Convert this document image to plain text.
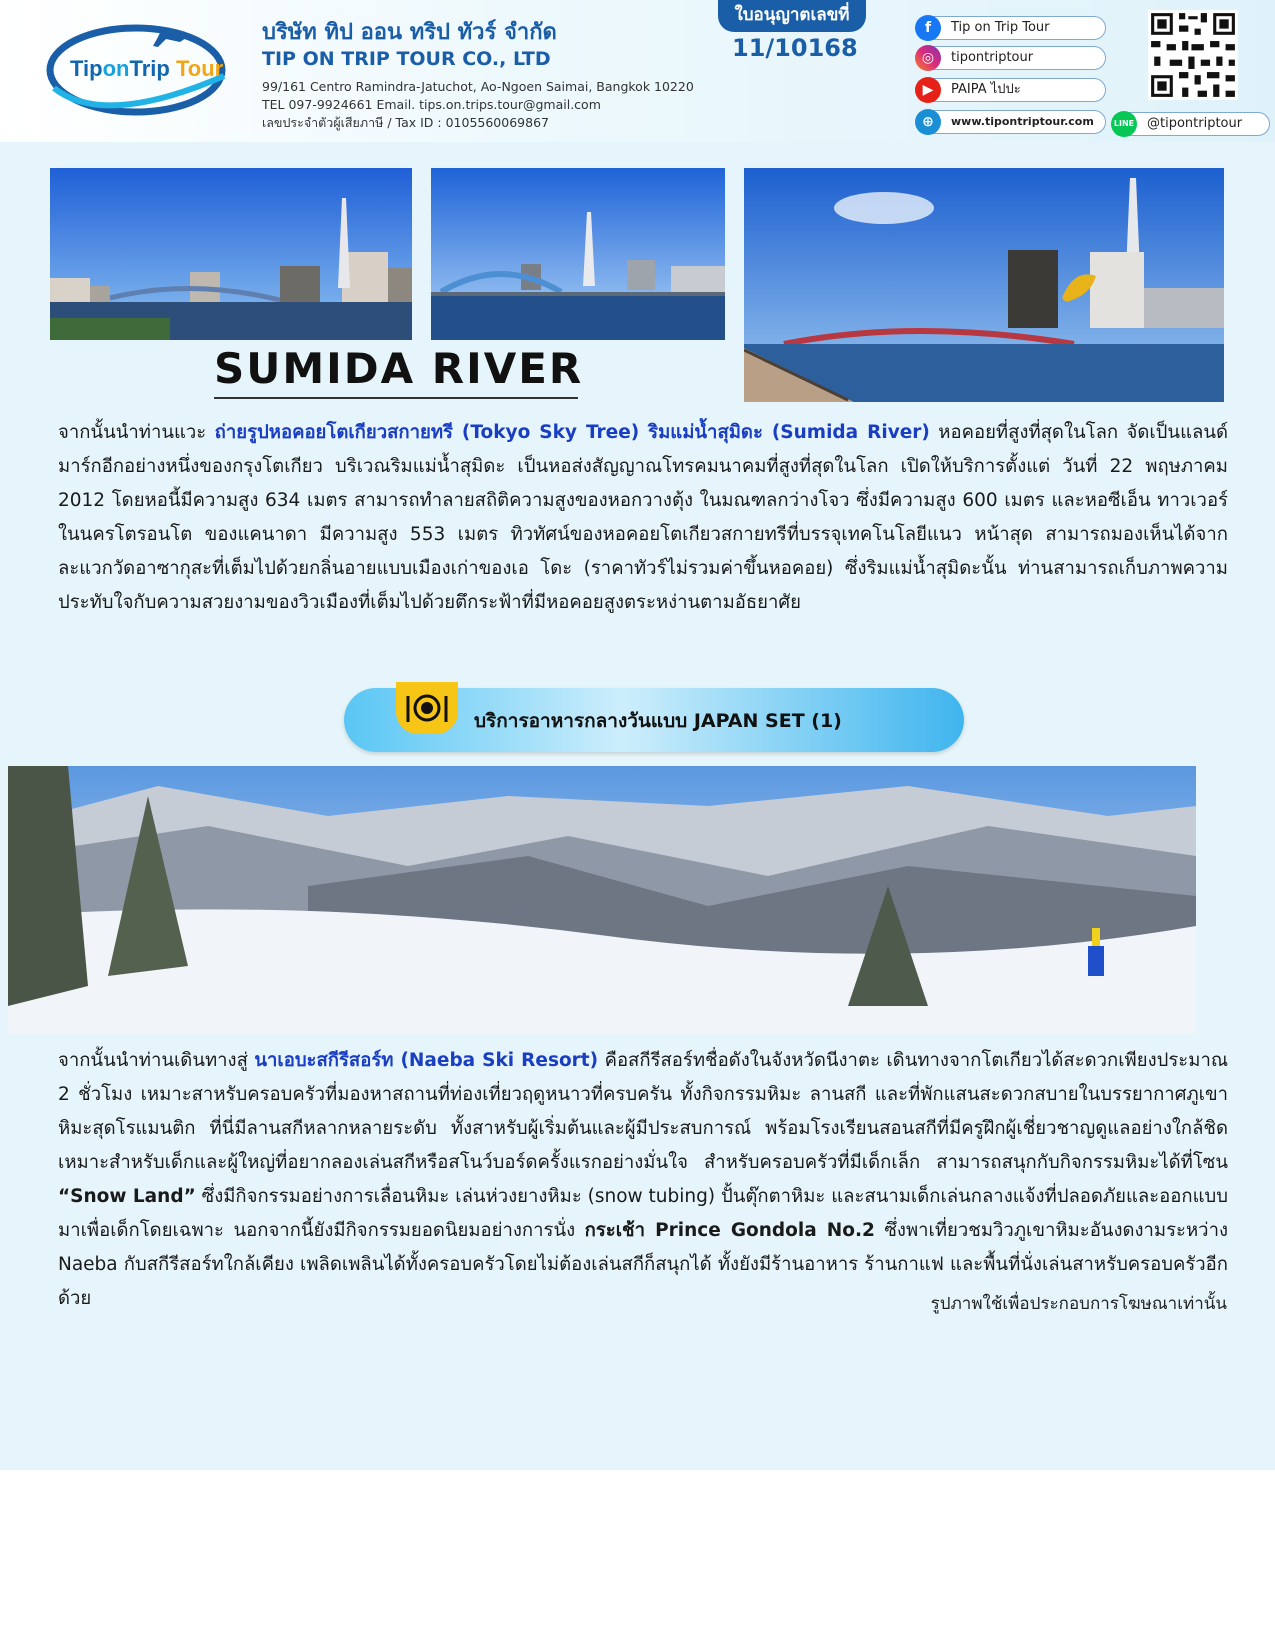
TiponTrip Tour
บริษัท ทิป ออน ทริป ทัวร์ จำกัด
TIP ON TRIP TOUR CO., LTD
99/161 Centro Ramindra-Jatuchot, Ao-Ngoen Saimai, Bangkok 10220
TEL 097-9924661 Email. tips.on.trips.tour@gmail.com
เลขประจำตัวผู้เสียภาษี / Tax ID : 0105560069867
ใบอนุญาตเลขที่
11/10168
f	Tip on Trip Tour
◎	tipontriptour
▶	PAIPA ไปปะ
⊕	www.tipontriptour.com	LINE @tipontriptour
SUMIDA RIVER
จากนั้นนำท่านแวะ ถ่ายรูปหอคอยโตเกียวสกายทรี (Tokyo Sky Tree) ริมแม่น้ำสุมิดะ (Sumida River) หอคอยที่สูงที่สุดในโลก จัดเป็นแลนด์มาร์กอีกอย่างหนึ่งของกรุงโตเกียว บริเวณริมแม่น้ำสุมิดะ เป็นหอส่งสัญญาณโทรคมนาคมที่สูงที่สุดในโลก เปิดให้บริการตั้งแต่ วันที่ 22 พฤษภาคม 2012 โดยหอนี้มีความสูง 634 เมตร สามารถทำลายสถิติความสูงของหอกวางตุ้ง ในมณฑลกว่างโจว ซึ่งมีความสูง 600 เมตร และหอซีเอ็น ทาวเวอร์ ในนครโตรอนโต ของแคนาดา มีความสูง 553 เมตร ทิวทัศน์ของหอคอยโตเกียวสกายทรีที่บรรจุเทคโนโลยีแนว หน้าสุด สามารถมองเห็นได้จากละแวกวัดอาซากุสะที่เต็มไปด้วยกลิ่นอายแบบเมืองเก่าของเอ โดะ (ราคาทัวร์ไม่รวมค่าขึ้นหอคอย) ซึ่งริมแม่น้ำสุมิดะนั้น ท่านสามารถเก็บภาพความประทับใจกับความสวยงามของวิวเมืองที่เต็มไปด้วยตึกระฟ้าที่มีหอคอยสูงตระหง่านตามอัธยาศัย
บริการอาหารกลางวันแบบ JAPAN SET (1)
จากนั้นนำท่านเดินทางสู่ นาเอบะสกีรีสอร์ท (Naeba Ski Resort) คือสกีรีสอร์ทชื่อดังในจังหวัดนีงาตะ เดินทางจากโตเกียวได้สะดวกเพียงประมาณ 2 ชั่วโมง เหมาะสาหรับครอบครัวที่มองหาสถานที่ท่องเที่ยวฤดูหนาวที่ครบครัน ทั้งกิจกรรมหิมะ ลานสกี และที่พักแสนสะดวกสบายในบรรยากาศภูเขาหิมะสุดโรแมนติก ที่นี่มีลานสกีหลากหลายระดับ ทั้งสาหรับผู้เริ่มต้นและผู้มีประสบการณ์ พร้อมโรงเรียนสอนสกีที่มีครูฝึกผู้เชี่ยวชาญดูแลอย่างใกล้ชิด เหมาะสำหรับเด็กและผู้ใหญ่ที่อยากลองเล่นสกีหรือสโนว์บอร์ดครั้งแรกอย่างมั่นใจ สำหรับครอบครัวที่มีเด็กเล็ก สามารถสนุกกับกิจกรรมหิมะได้ที่โซน “Snow Land” ซึ่งมีกิจกรรมอย่างการเลื่อนหิมะ เล่นห่วงยางหิมะ (snow tubing) ปั้นตุ๊กตาหิมะ และสนามเด็กเล่นกลางแจ้งที่ปลอดภัยและออกแบบมาเพื่อเด็กโดยเฉพาะ นอกจากนี้ยังมีกิจกรรมยอดนิยมอย่างการนั่ง กระเช้า Prince Gondola No.2 ซึ่งพาเที่ยวชมวิวภูเขาหิมะอันงดงามระหว่าง Naeba กับสกีรีสอร์ทใกล้เคียง เพลิดเพลินได้ทั้งครอบครัวโดยไม่ต้องเล่นสกีก็สนุกได้ ทั้งยังมีร้านอาหาร ร้านกาแฟ และพื้นที่นั่งเล่นสาหรับครอบครัวอีกด้วย	รูปภาพใช้เพื่อประกอบการโฆษณาเท่านั้น
